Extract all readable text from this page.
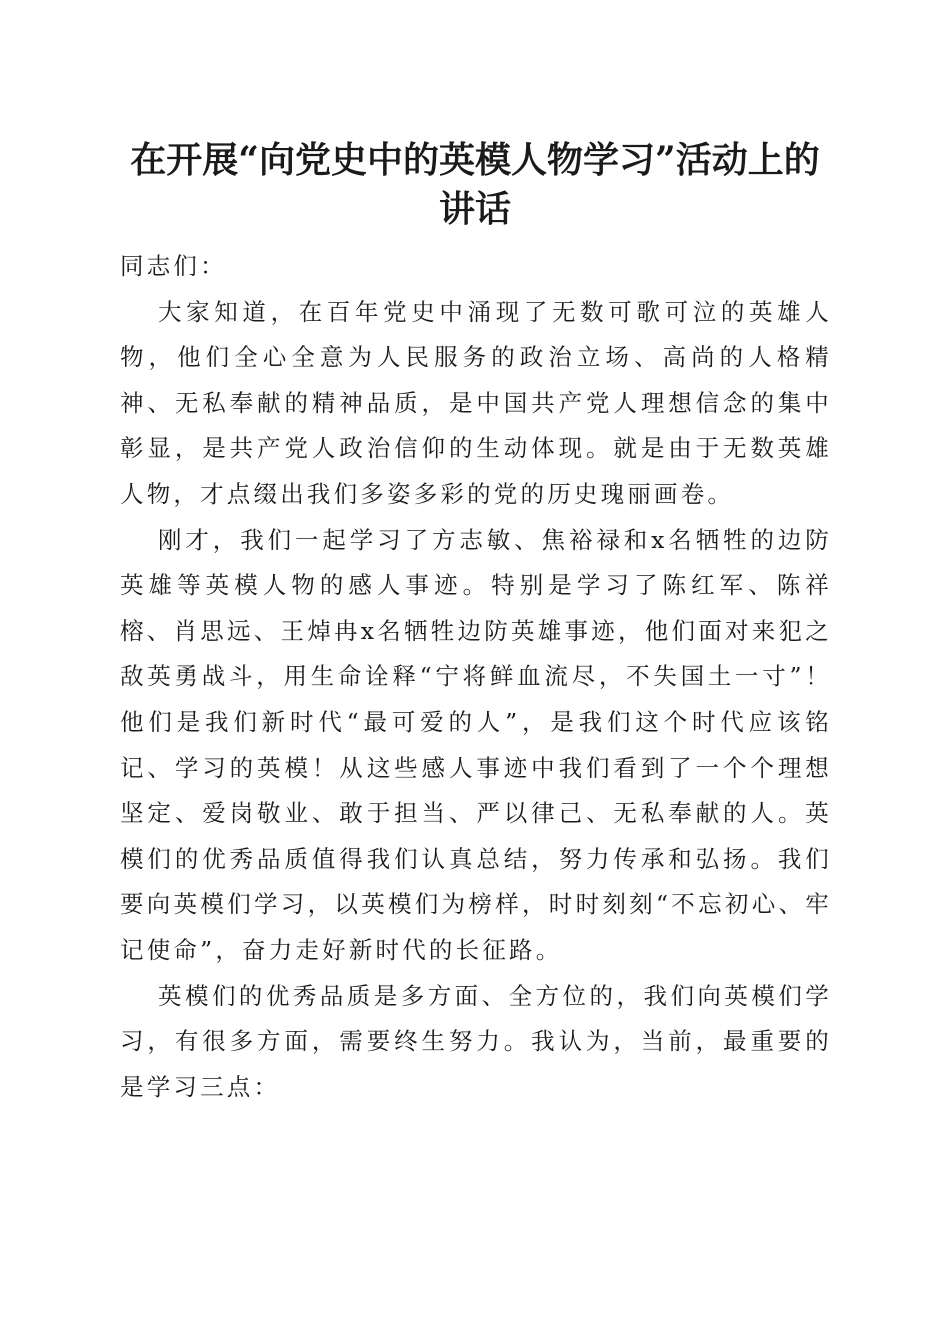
在开展“向党史中的英模人物学习”活动上的
讲话

同志们：

大家知道，在百年党史中涌现了无数可歌可泣的英雄人物，他们全心全意为人民服务的政治立场、高尚的人格精神、无私奉献的精神品质，是中国共产党人理想信念的集中彰显，是共产党人政治信仰的生动体现。就是由于无数英雄人物，才点缀出我们多姿多彩的党的历史瑰丽画卷。

刚才，我们一起学习了方志敏、焦裕禄和x名牺牲的边防英雄等英模人物的感人事迹。特别是学习了陈红军、陈祥榕、肖思远、王焯冉x名牺牲边防英雄事迹，他们面对来犯之敌英勇战斗，用生命诠释“宁将鲜血流尽，不失国土一寸”！他们是我们新时代“最可爱的人”，是我们这个时代应该铭记、学习的英模！从这些感人事迹中我们看到了一个个理想坚定、爱岗敬业、敢于担当、严以律己、无私奉献的人。英模们的优秀品质值得我们认真总结，努力传承和弘扬。我们要向英模们学习，以英模们为榜样，时时刻刻“不忘初心、牢记使命”，奋力走好新时代的长征路。

英模们的优秀品质是多方面、全方位的，我们向英模们学习，有很多方面，需要终生努力。我认为，当前，最重要的是学习三点：
